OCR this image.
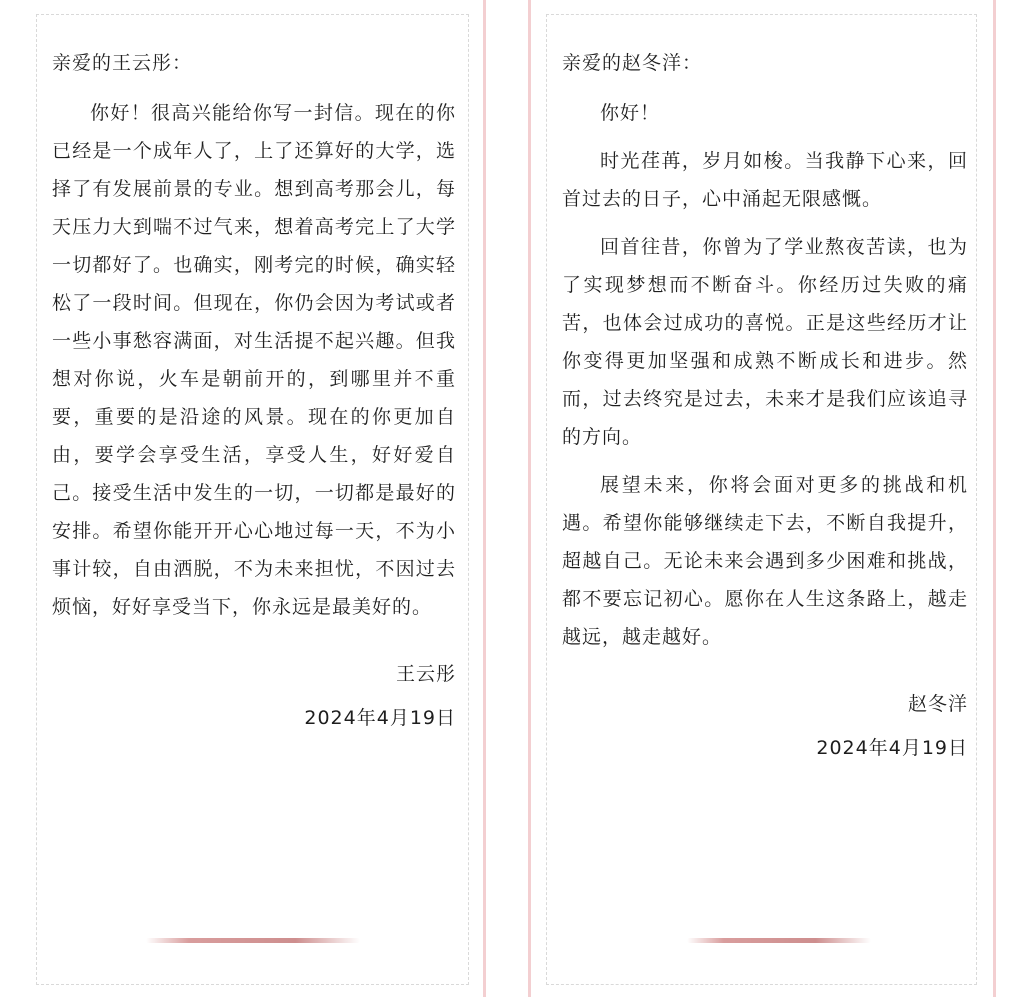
亲爱的王云彤：

你好！很高兴能给你写一封信。现在的你已经是一个成年人了，上了还算好的大学，选择了有发展前景的专业。想到高考那会儿，每天压力大到喘不过气来，想着高考完上了大学一切都好了。也确实，刚考完的时候，确实轻松了一段时间。但现在，你仍会因为考试或者一些小事愁容满面，对生活提不起兴趣。但我想对你说，火车是朝前开的，到哪里并不重要，重要的是沿途的风景。现在的你更加自由，要学会享受生活，享受人生，好好爱自己。接受生活中发生的一切，一切都是最好的安排。希望你能开开心心地过每一天，不为小事计较，自由洒脱，不为未来担忧，不因过去烦恼，好好享受当下，你永远是最美好的。

王云彤
2024年4月19日
亲爱的赵冬洋：

你好！

时光荏苒，岁月如梭。当我静下心来，回首过去的日子，心中涌起无限感慨。

回首往昔，你曾为了学业熬夜苦读，也为了实现梦想而不断奋斗。你经历过失败的痛苦，也体会过成功的喜悦。正是这些经历才让你变得更加坚强和成熟不断成长和进步。然而，过去终究是过去，未来才是我们应该追寻的方向。

展望未来，你将会面对更多的挑战和机遇。希望你能够继续走下去，不断自我提升，超越自己。无论未来会遇到多少困难和挑战，都不要忘记初心。愿你在人生这条路上，越走越远，越走越好。

赵冬洋
2024年4月19日
